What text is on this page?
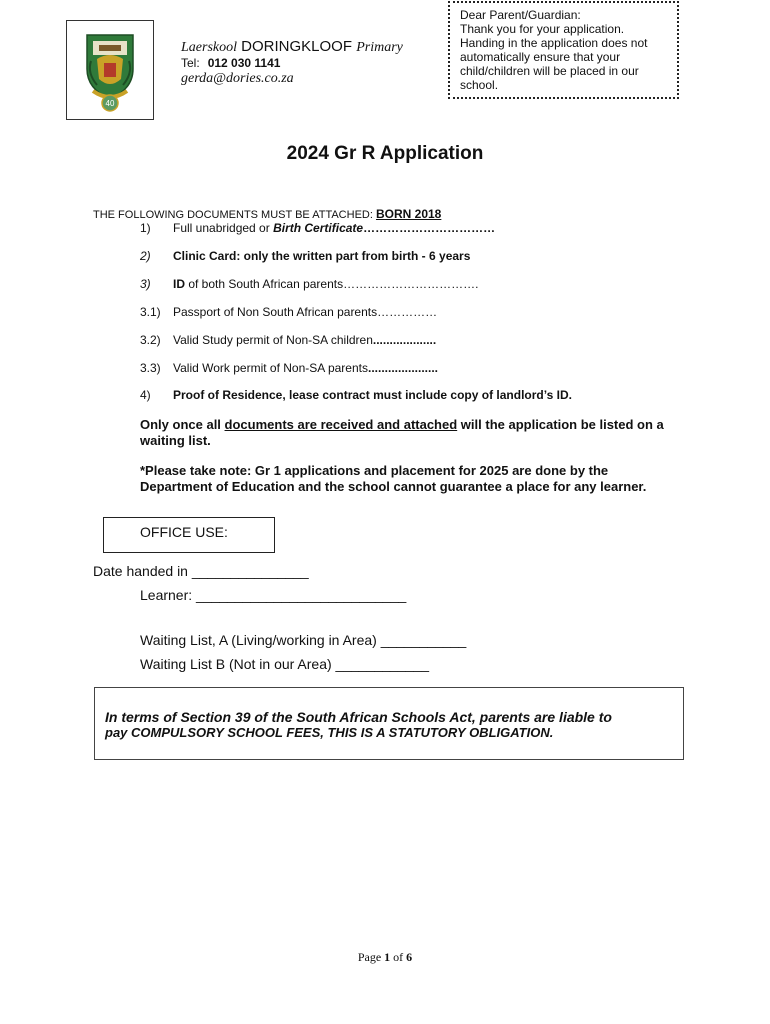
40
Laerskool DORINGKLOOF Primary
Tel: 012 030 1141
gerda@dories.co.za
Dear Parent/Guardian:
Thank you for your application.
Handing in the application does not
automatically ensure that your
child/children will be placed in our
school.
2024 Gr R Application
THE FOLLOWING DOCUMENTS MUST BE ATTACHED: BORN 2018
1) Full unabridged or Birth Certificate……………………………
2) Clinic Card: only the written part from birth - 6 years
3) ID of both South African parents…………………………….
3.1) Passport of Non South African parents……………
3.2) Valid Study permit of Non-SA children...................
3.3) Valid Work permit of Non-SA parents.....................
4) Proof of Residence, lease contract must include copy of landlord’s ID.
Only once all documents are received and attached will the application be listed on a waiting list.
*Please take note: Gr 1 applications and placement for 2025 are done by the Department of Education and the school cannot guarantee a place for any learner.
OFFICE USE:
Date handed in _______________
Learner: ___________________________
Waiting List, A (Living/working in Area) ___________
Waiting List B (Not in our Area) ____________
In terms of Section 39 of the South African Schools Act, parents are liable to
pay COMPULSORY SCHOOL FEES, THIS IS A STATUTORY OBLIGATION.
Page 1 of 6
